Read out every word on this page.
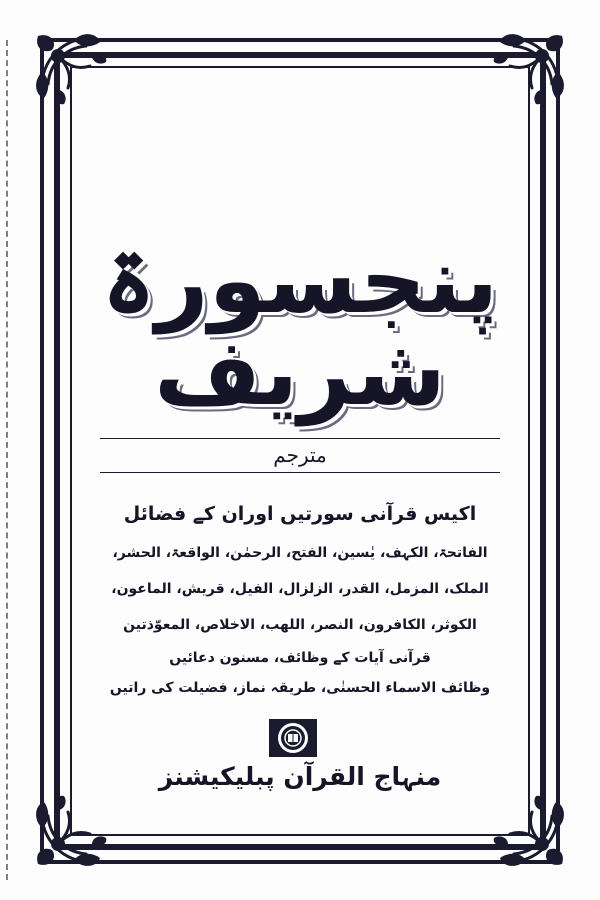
پنجسورۃ شریف
مترجم
اکیس قرآنی سورتیں اوران کے فضائل
الفاتحۃ، الکہف، یٰسین، الفتح، الرحمٰن، الواقعۃ، الحشر،
الملک، المزمل، القدر، الزلزال، الفیل، قریش، الماعون،
الکوثر، الکافرون، النصر، اللھب، الاخلاص، المعوّذتین
قرآنی آیات کے وظائف، مسنون دعائیں
وظائف الاسماء الحسنٰی، طریقہ نماز، فضیلت کی راتیں
منہاج القرآن پبلیکیشنز
